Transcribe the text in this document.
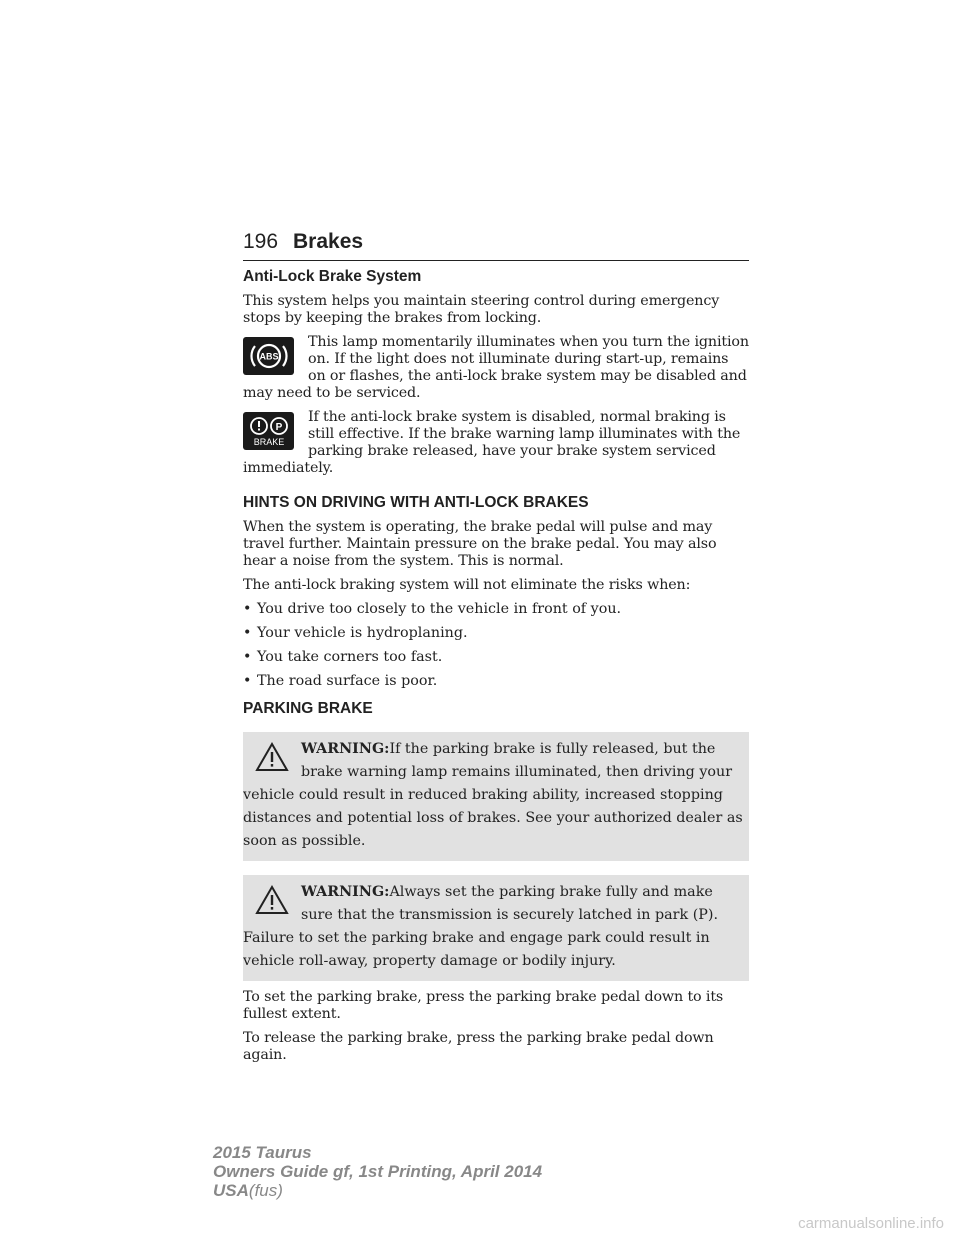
196 Brakes
Anti-Lock Brake System

This system helps you maintain steering control during emergency stops by keeping the brakes from locking.

ABS

This lamp momentarily illuminates when you turn the ignition on. If the light does not illuminate during start-up, remains on or flashes, the anti-lock brake system may be disabled and may need to be serviced.

P
BRAKE

If the anti-lock brake system is disabled, normal braking is still effective. If the brake warning lamp illuminates with the parking brake released, have your brake system serviced immediately.

HINTS ON DRIVING WITH ANTI-LOCK BRAKES

When the system is operating, the brake pedal will pulse and may travel further. Maintain pressure on the brake pedal. You may also hear a noise from the system. This is normal.

The anti-lock braking system will not eliminate the risks when:

• You drive too closely to the vehicle in front of you.
• Your vehicle is hydroplaning.
• You take corners too fast.
• The road surface is poor.
PARKING BRAKE
WARNING:If the parking brake is fully released, but the brake warning lamp remains illuminated, then driving your vehicle could result in reduced braking ability, increased stopping distances and potential loss of brakes. See your authorized dealer as soon as possible.
WARNING:Always set the parking brake fully and make sure that the transmission is securely latched in park (P). Failure to set the parking brake and engage park could result in vehicle roll-away, property damage or bodily injury.

To set the parking brake, press the parking brake pedal down to its fullest extent.

To release the parking brake, press the parking brake pedal down again.

2015 Taurus
Owners Guide gf, 1st Printing, April 2014
USA(fus)
carmanualsonline.info
